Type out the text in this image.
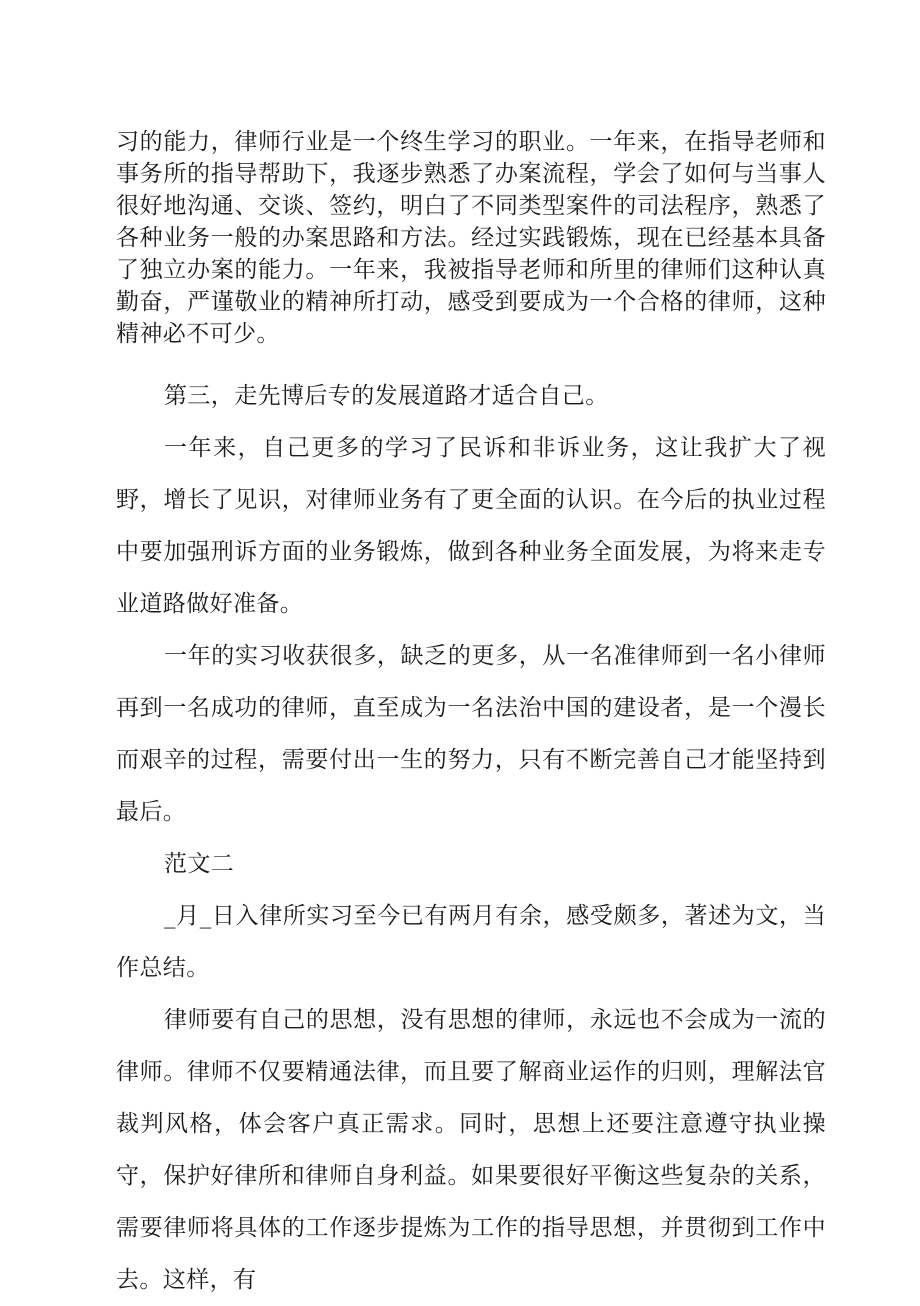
习的能力，律师行业是一个终生学习的职业。一年来，在指导老师和事务所的指导帮助下，我逐步熟悉了办案流程，学会了如何与当事人很好地沟通、交谈、签约，明白了不同类型案件的司法程序，熟悉了各种业务一般的办案思路和方法。经过实践锻炼，现在已经基本具备了独立办案的能力。一年来，我被指导老师和所里的律师们这种认真勤奋，严谨敬业的精神所打动，感受到要成为一个合格的律师，这种精神必不可少。

第三，走先博后专的发展道路才适合自己。

一年来，自己更多的学习了民诉和非诉业务，这让我扩大了视野，增长了见识，对律师业务有了更全面的认识。在今后的执业过程中要加强刑诉方面的业务锻炼，做到各种业务全面发展，为将来走专业道路做好准备。

一年的实习收获很多，缺乏的更多，从一名准律师到一名小律师再到一名成功的律师，直至成为一名法治中国的建设者，是一个漫长而艰辛的过程，需要付出一生的努力，只有不断完善自己才能坚持到最后。

范文二

_月_日入律所实习至今已有两月有余，感受颇多，著述为文，当作总结。

律师要有自己的思想，没有思想的律师，永远也不会成为一流的律师。律师不仅要精通法律，而且要了解商业运作的归则，理解法官裁判风格，体会客户真正需求。同时，思想上还要注意遵守执业操守，保护好律所和律师自身利益。如果要很好平衡这些复杂的关系，需要律师将具体的工作逐步提炼为工作的指导思想，并贯彻到工作中去。这样，有
